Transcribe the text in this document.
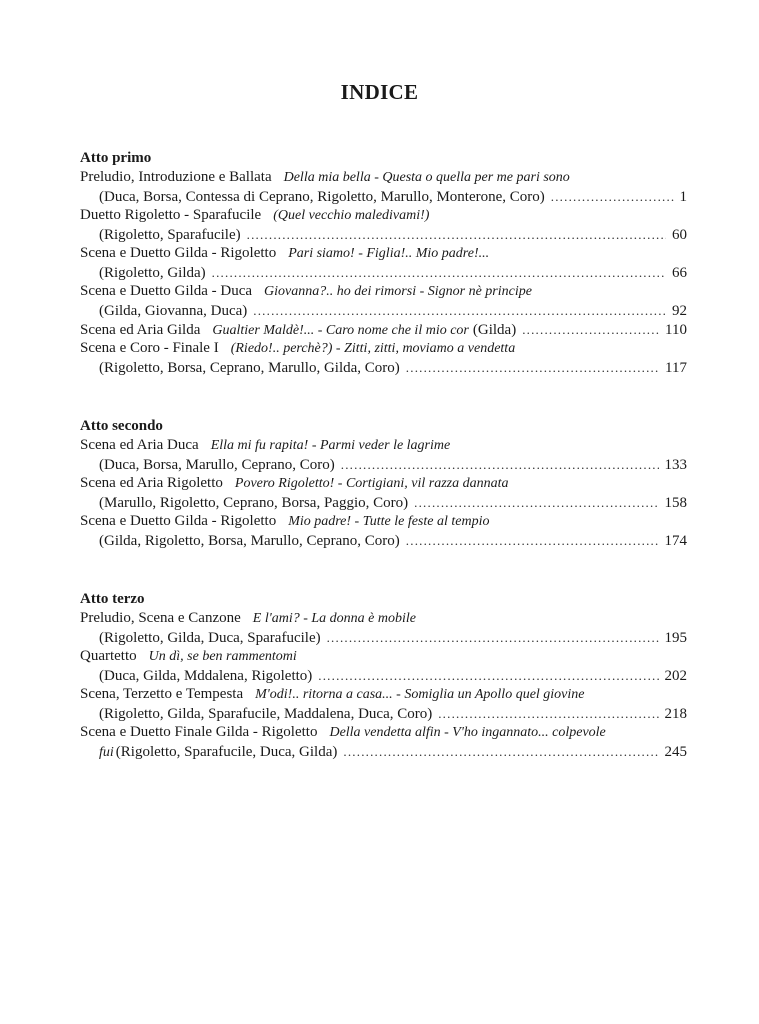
INDICE
Atto primo
Preludio, Introduzione e Ballata Della mia bella - Questa o quella per me pari sono
(Duca, Borsa, Contessa di Ceprano, Rigoletto, Marullo, Monterone, Coro) .....	1
Duetto Rigoletto - Sparafucile (Quel vecchio maledivami!)
(Rigoletto, Sparafucile) .....	60
Scena e Duetto Gilda - Rigoletto Pari siamo! - Figlia!.. Mio padre!...
(Rigoletto, Gilda) .....	66
Scena e Duetto Gilda - Duca Giovanna?.. ho dei rimorsi - Signor nè principe
(Gilda, Giovanna, Duca) .....	92
Scena ed Aria Gilda Gualtier Maldè!... - Caro nome che il mio cor (Gilda) .....	110
Scena e Coro - Finale I (Riedo!.. perchè?) - Zitti, zitti, moviamo a vendetta
(Rigoletto, Borsa, Ceprano, Marullo, Gilda, Coro) .....	117
Atto secondo
Scena ed Aria Duca Ella mi fu rapita! - Parmi veder le lagrime
(Duca, Borsa, Marullo, Ceprano, Coro) .....	133
Scena ed Aria Rigoletto Povero Rigoletto! - Cortigiani, vil razza dannata
(Marullo, Rigoletto, Ceprano, Borsa, Paggio, Coro) .....	158
Scena e Duetto Gilda - Rigoletto Mio padre! - Tutte le feste al tempio
(Gilda, Rigoletto, Borsa, Marullo, Ceprano, Coro) .....	174
Atto terzo
Preludio, Scena e Canzone E l'ami? - La donna è mobile
(Rigoletto, Gilda, Duca, Sparafucile) .....	195
Quartetto Un dì, se ben rammentomi
(Duca, Gilda, Mddalena, Rigoletto) .....	202
Scena, Terzetto e Tempesta M'odi!.. ritorna a casa... - Somiglia un Apollo quel giovine
(Rigoletto, Gilda, Sparafucile, Maddalena, Duca, Coro) .....	218
Scena e Duetto Finale Gilda - Rigoletto Della vendetta alfin - V'ho ingannato... colpevole
fui (Rigoletto, Sparafucile, Duca, Gilda) .....	245
